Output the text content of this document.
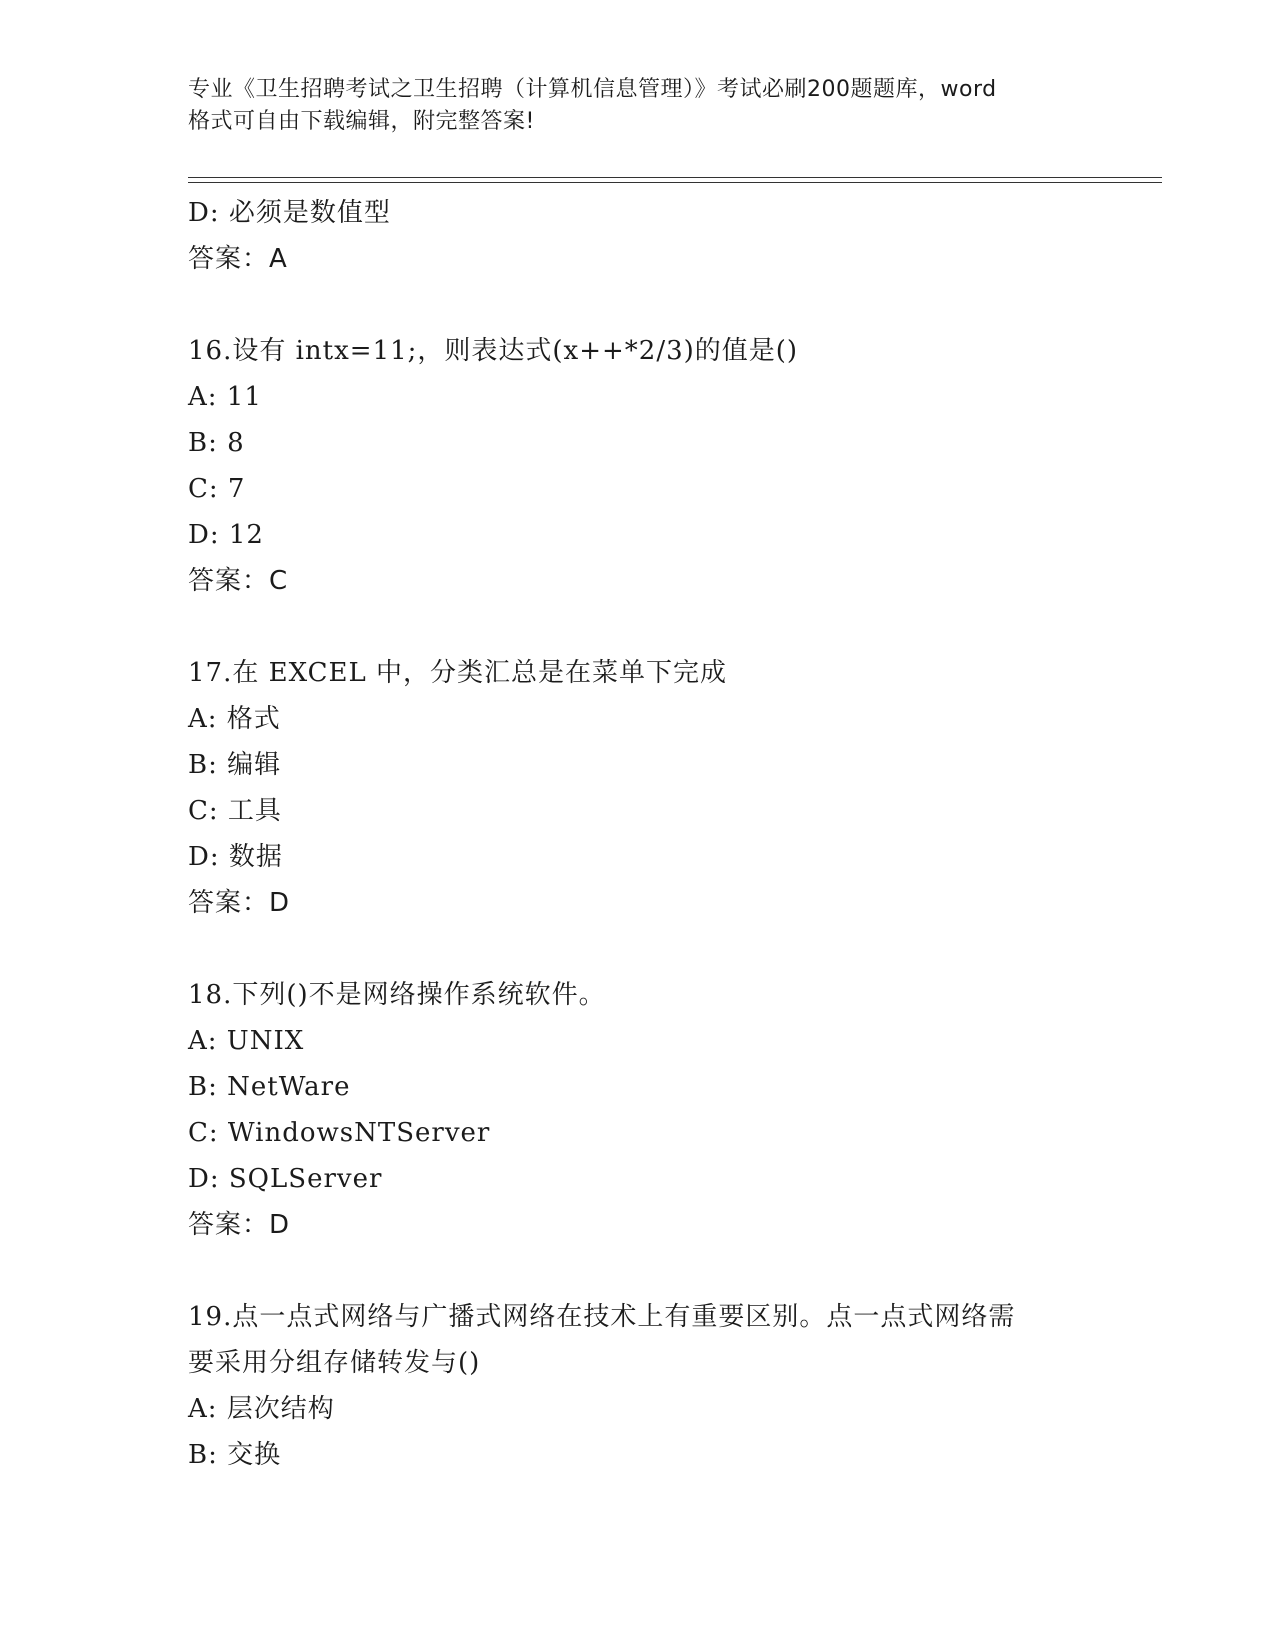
专业《卫生招聘考试之卫生招聘（计算机信息管理）》考试必刷200题题库，word
格式可自由下载编辑，附完整答案!
D: 必须是数值型
答案：A
16.设有 intx=11;，则表达式(x++*2/3)的值是()
A: 11
B: 8
C: 7
D: 12
答案：C
17.在 EXCEL 中，分类汇总是在菜单下完成
A: 格式
B: 编辑
C: 工具
D: 数据
答案：D
18.下列()不是网络操作系统软件。
A: UNIX
B: NetWare
C: WindowsNTServer
D: SQLServer
答案：D
19.点一点式网络与广播式网络在技术上有重要区别。点一点式网络需
要采用分组存储转发与()
A: 层次结构
B: 交换
